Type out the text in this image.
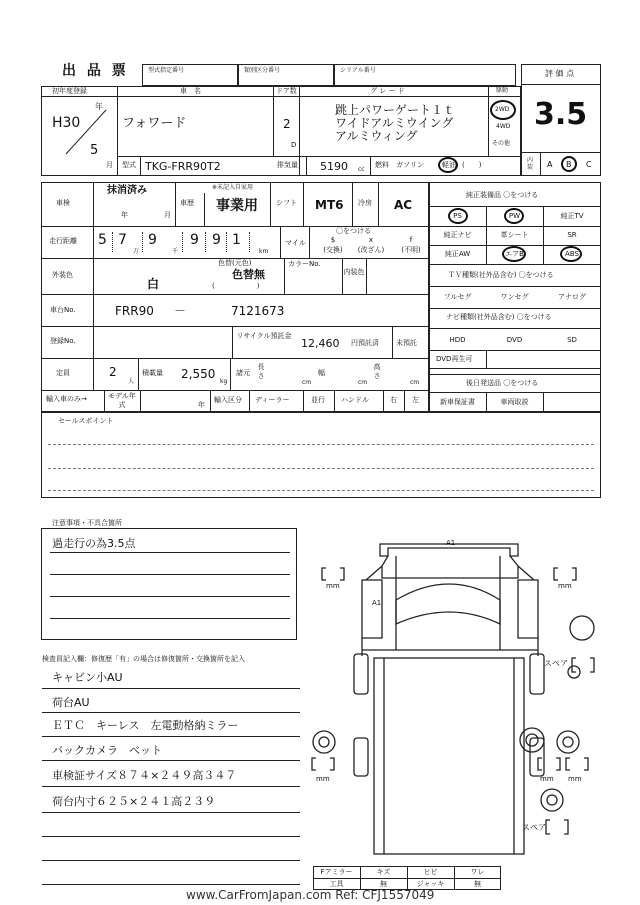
出 品 票	型式指定番号	類別区分番号	シリアル番号	評 価 点
3.5
内装 A B C
初年度登録
H30
年
5
月
車　名
フォワード
ドア数
2
D
グ レ ー ド
跳上パワーゲート１ｔ
ワイドアルミウイング
アルミウィング
駆動
2WD
4WD
その他
型式 TKG-FRR90T2	排気量 5190 cc
燃料 ガソリン	軽油 (　　)
車検
抹消済み
年	月
※未記入自家用
車歴 事業用	シフト MT6 冷房 AC
走行距離 5 7
万
9
千
9 9 1
km
マイル
〇をつける
$
(交換)
x
(改ざん)
f
(不明)
外装色
白
色替(元色)
色替無
(　　　　　　)
カラーNo.
内装色
車台No.	FRR90 －	7121673
登録No.
リサイクル預託金
12,460 円預託済 未預託
定員	2
人
積載量 2,550
kg
諸元
長さ
cm
幅
cm
高さ
cm
輸入車のみ→	モデル年式	年
輸入区分 ディーラー	並行 ハンドル	右 左
純正装備品 〇をつける
PS	PW	純正TV
純正ナビ	革シート	SR
純正AW	エアB	ABS
ＴＶ種類(社外品含む) 〇をつける
フルセグ	ワンセグ	アナログ
ナビ種類(社外品含む) 〇をつける
HDD	DVD	SD
DVD再生可
後日発送品 〇をつける
新車保証書	車両取説
セールスポイント
注意事項・不具合箇所
過走行の為3.5点
検査員記入欄：修復歴「有」の場合は修復箇所・交換箇所を記入
キャビン小AU
荷台AU
ＥＴＣ　キーレス　左電動格納ミラー
バックカメラ　ベット
車検証サイズ８７４×２４９高３４７
荷台内寸６２５×２４１高２３９
A1
A1
mm	mm
スペア
mm	mm mm
スペア
Fアミラー	キズ	ヒビ	ワレ
工具	無	ジャッキ	無
www.CarFromJapan.com Ref: CFJ1557049
